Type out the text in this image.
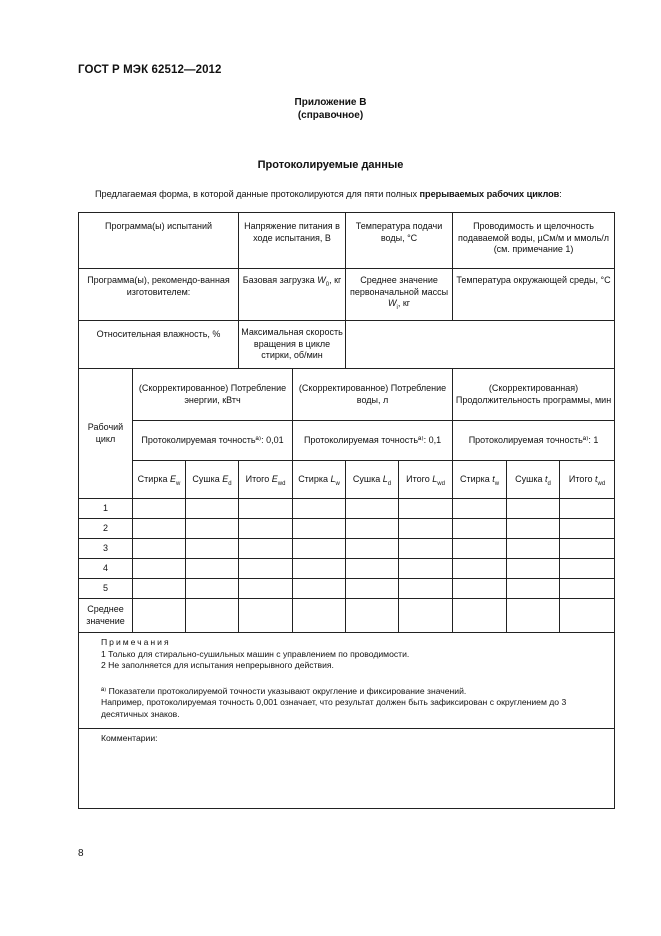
ГОСТ Р МЭК 62512—2012
Приложение В
(справочное)
Протоколируемые данные
Предлагаемая форма, в которой данные протоколируются для пяти полных прерываемых рабочих циклов:
Программа(ы) испытаний			Напряжение питания в ходе испытания, В		Температура подачи воды, °С		Проводимость и щелочность подаваемой воды, µСм/м и ммоль/л (см. примечание 1)		
Программа(ы), рекомендо-ванная изготовителем:			Базовая загрузка $W_0$, кг		Среднее значение первоначальной массы $W_i$, кг		Температура окружающей среды, °С		
Относительная влажность, %			Максимальная скорость вращения в цикле стирки, об/мин						
Рабочий цикл	(Скорректированное) Потребление энергии, кВтч			(Скорректированное) Потребление воды, л			(Скорректированная) Продолжительность программы, мин		
	Протоколируемая точностьª⁾: 0,01			Протоколируемая точностьª⁾: 0,1			Протоколируемая точностьª⁾: 1		
	Стирка $E_w$	Сушка $E_d$	Итого $E_{wd}$	Стирка $L_w$	Сушка $L_d$	Итого $L_{wd}$	Стирка $t_w$	Сушка $t_d$	Итого $t_{wd}$
1									
2									
3									
4									
5									
Среднее значение									

Примечания
1 Только для стирально-сушильных машин с управлением по проводимости.
2 Не заполняется для испытания непрерывного действия.
ª⁾ Показатели протоколируемой точности указывают округление и фиксирование значений.
Например, протоколируемая точность 0,001 означает, что результат должен быть зафиксирован с округлением до 3 десятичных знаков.									

Комментарии:									
8
